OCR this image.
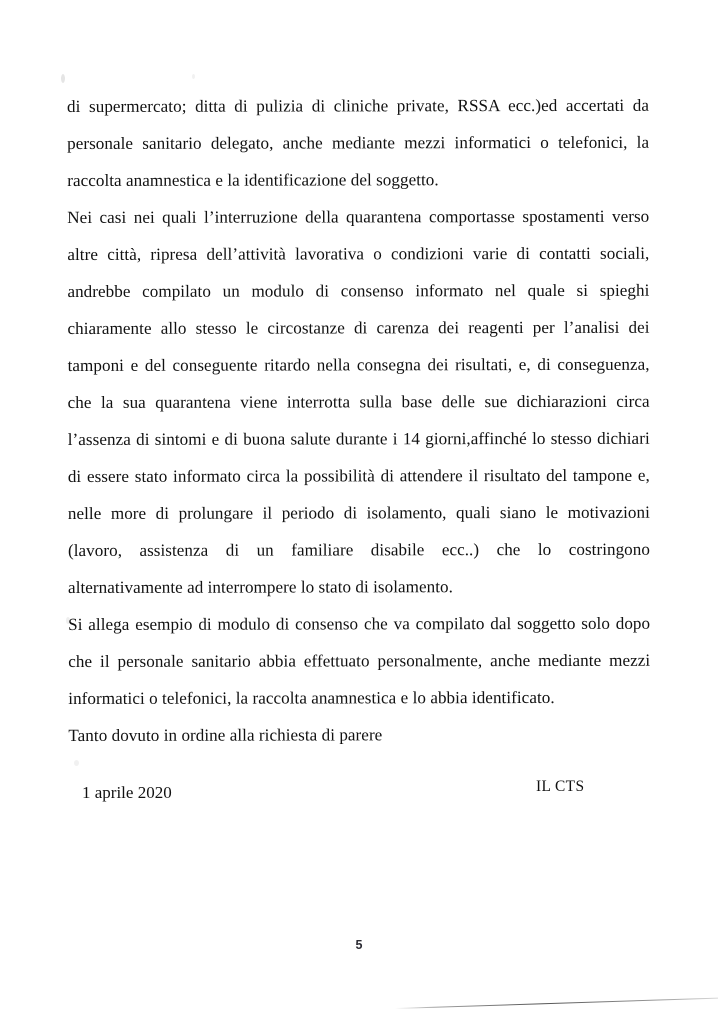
di supermercato; ditta di pulizia di cliniche private, RSSA ecc.)ed accertati da personale sanitario delegato, anche mediante mezzi informatici o telefonici, la raccolta anamnestica e la identificazione del soggetto.

Nei casi nei quali l’interruzione della quarantena comportasse spostamenti verso altre città, ripresa dell’attività lavorativa o condizioni varie di contatti sociali, andrebbe compilato un modulo di consenso informato nel quale si spieghi chiaramente allo stesso le circostanze di carenza dei reagenti per l’analisi dei tamponi e del conseguente ritardo nella consegna dei risultati, e, di conseguenza, che la sua quarantena viene interrotta sulla base delle sue dichiarazioni circa l’assenza di sintomi e di buona salute durante i 14 giorni,affinché lo stesso dichiari di essere stato informato circa la possibilità di attendere il risultato del tampone e, nelle more di prolungare il periodo di isolamento, quali siano le motivazioni (lavoro, assistenza di un familiare disabile ecc..) che lo costringono alternativamente ad interrompere lo stato di isolamento.

Si allega esempio di modulo di consenso che va compilato dal soggetto solo dopo che il personale sanitario abbia effettuato personalmente, anche mediante mezzi informatici o telefonici, la raccolta anamnestica e lo abbia identificato.

Tanto dovuto in ordine alla richiesta di parere

1 aprile 2020	IL CTS
5
